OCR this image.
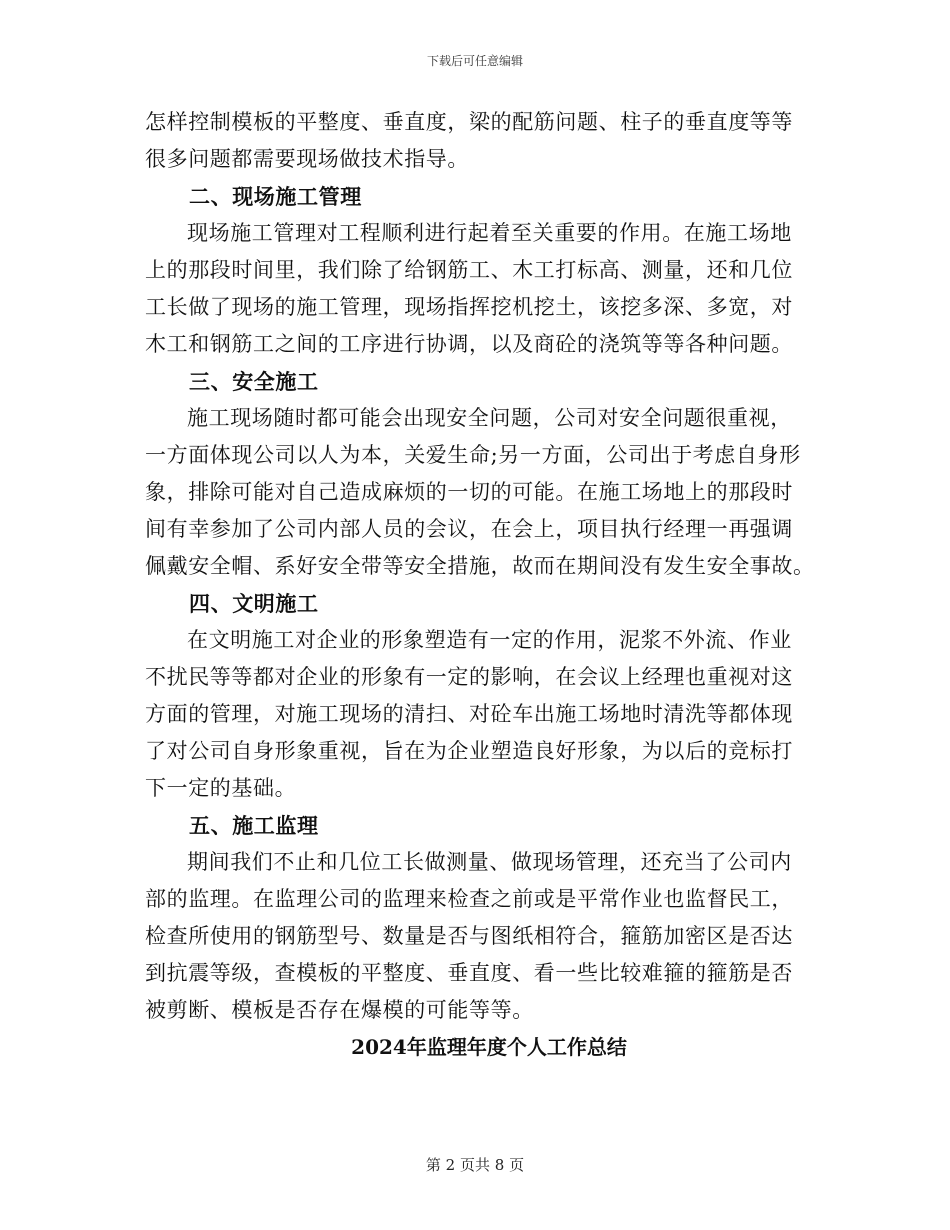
下载后可任意编辑

怎样控制模板的平整度、垂直度，梁的配筋问题、柱子的垂直度等等
很多问题都需要现场做技术指导。

二、现场施工管理

现场施工管理对工程顺利进行起着至关重要的作用。在施工场地
上的那段时间里，我们除了给钢筋工、木工打标高、测量，还和几位
工长做了现场的施工管理，现场指挥挖机挖土，该挖多深、多宽，对
木工和钢筋工之间的工序进行协调，以及商砼的浇筑等等各种问题。

三、安全施工

施工现场随时都可能会出现安全问题，公司对安全问题很重视，
一方面体现公司以人为本，关爱生命;另一方面，公司出于考虑自身形
象，排除可能对自己造成麻烦的一切的可能。在施工场地上的那段时
间有幸参加了公司内部人员的会议，在会上，项目执行经理一再强调
佩戴安全帽、系好安全带等安全措施，故而在期间没有发生安全事故。

四、文明施工

在文明施工对企业的形象塑造有一定的作用，泥浆不外流、作业
不扰民等等都对企业的形象有一定的影响，在会议上经理也重视对这
方面的管理，对施工现场的清扫、对砼车出施工场地时清洗等都体现
了对公司自身形象重视，旨在为企业塑造良好形象，为以后的竞标打
下一定的基础。

五、施工监理

期间我们不止和几位工长做测量、做现场管理，还充当了公司内
部的监理。在监理公司的监理来检查之前或是平常作业也监督民工，
检查所使用的钢筋型号、数量是否与图纸相符合，箍筋加密区是否达
到抗震等级，查模板的平整度、垂直度、看一些比较难箍的箍筋是否
被剪断、模板是否存在爆模的可能等等。

2024年监理年度个人工作总结

第 2 页共 8 页
